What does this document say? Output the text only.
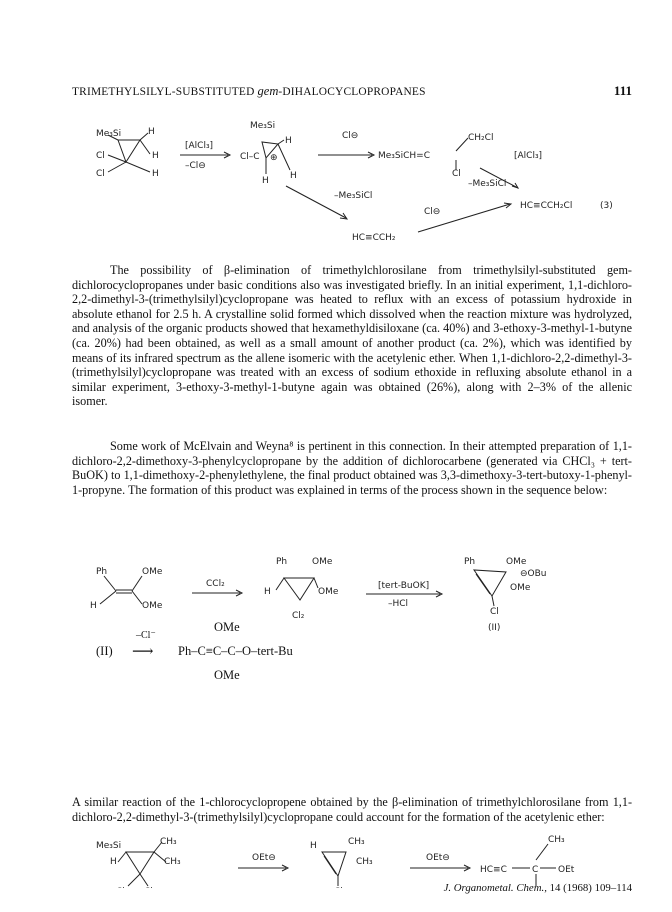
TRIMETHYLSILYL-SUBSTITUTED gem-DIHALOCYCLOPROPANES	111
Me₃Si	H
Cl
Cl
H
H
[AlCl₃]
–Cl⊖
Me₃Si
H
Cl–C ⊕
H H
Cl⊖
Me₃SiCH=C
CH₂Cl
Cl
[AlCl₃]
–Me₃SiCl
HC≡CCH₂Cl	(3)
–Me₃SiCl
HC≡CCH₂
Cl⊖

The possibility of β-elimination of trimethylchlorosilane from trimethylsilyl-substituted gem-dichlorocyclopropanes under basic conditions also was investigated briefly. In an initial experiment, 1,1-dichloro-2,2-dimethyl-3-(trimethylsilyl)cyclopropane was heated to reflux with an excess of potassium hydroxide in absolute ethanol for 2.5 h. A crystalline solid formed which dissolved when the reaction mixture was hydrolyzed, and analysis of the organic products showed that hexamethyldisiloxane (ca. 40%) and 3-ethoxy-3-methyl-1-butyne (ca. 20%) had been obtained, as well as a small amount of another product (ca. 2%), which was identified by means of its infrared spectrum as the allene isomeric with the acetylenic ether. When 1,1-dichloro-2,2-dimethyl-3-(trimethylsilyl)cyclopropane was treated with an excess of sodium ethoxide in refluxing absolute ethanol in a similar experiment, 3-ethoxy-3-methyl-1-butyne again was obtained (26%), along with 2–3% of the allenic isomer.

Some work of McElvain and Weyna⁸ is pertinent in this connection. In their attempted preparation of 1,1-dichloro-2,2-dimethoxy-3-phenylcyclopropane by the addition of dichlorocarbene (generated via CHCl₃ + tert-BuOK) to 1,1-dimethoxy-2-phenylethylene, the final product obtained was 3,3-dimethoxy-3-tert-butoxy-1-phenyl-1-propyne. The formation of this product was explained in terms of the process shown in the sequence below:

Ph	OMe
H	OMe
CCl₂
Ph	OMe
H	OMe
Cl₂
[tert-BuOK]
–HCl
Ph	OMe
⊖OBu
OMe
Cl
(II)
OMe
–Cl⁻
(II) ⟶ Ph–C≡C–C–O–tert-Bu
OMe

A similar reaction of the 1-chlorocyclopropene obtained by the β-elimination of trimethylchlorosilane from 1,1-dichloro-2,2-dimethyl-3-(trimethylsilyl)cyclopropane could account for the formation of the acetylenic ether:

Me₃Si	CH₃
H	CH₃	OEt⊖
H	CH₃
CH₃	OEt⊖
HC≡C	C OEt
CH₃
J. Organometal. Chem., 14 (1968) 109–114
